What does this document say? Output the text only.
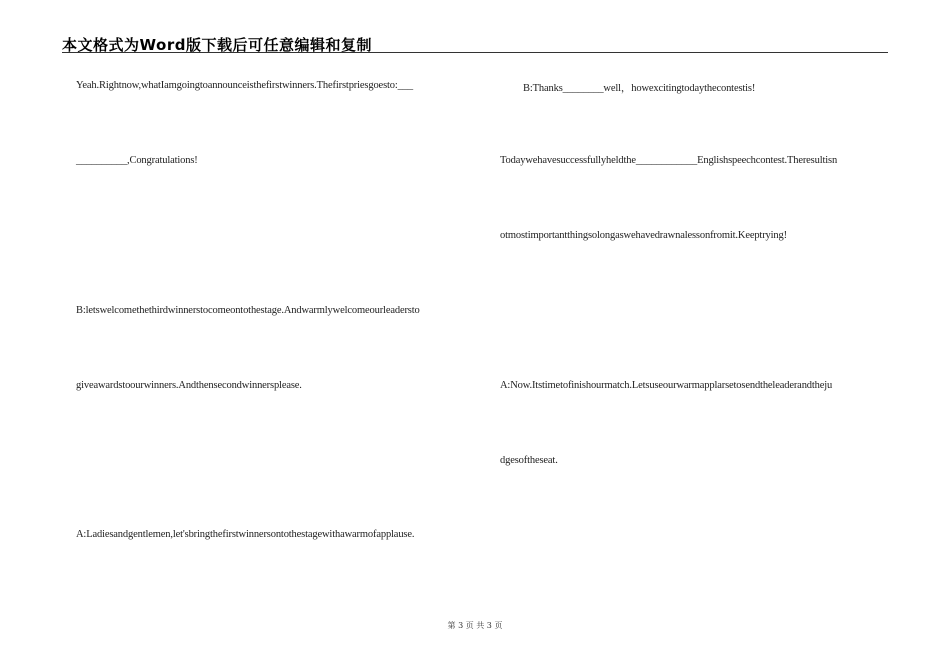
本文格式为Word版下载后可任意编辑和复制
Yeah.Rightnow,whatIamgoingtoannounceisthefirstwinners.Thefirstpriesgoesto:___
__________,Congratulations!
B:letswelcomethethirdwinnerstocomeontothestage.Andwarmlywelcomeourleadersto
giveawardstoourwinners.Andthensecondwinnersplease.
A:Ladiesandgentlemen,let'sbringthefirstwinnersontothestagewithawarmofapplause.
B:Thanks________well，howexcitingtodaythecontestis!
Todaywehavesuccessfullyheldthe____________Englishspeechcontest.Theresultisn
otmostimportantthingsolongaswehavedrawnalessonfromit.Keeptrying!
A:Now.Itstimetofinishourmatch.Letsuseourwarmapplarsetosendtheleaderandtheju
dgesoftheseat.
第 3 页 共 3 页
